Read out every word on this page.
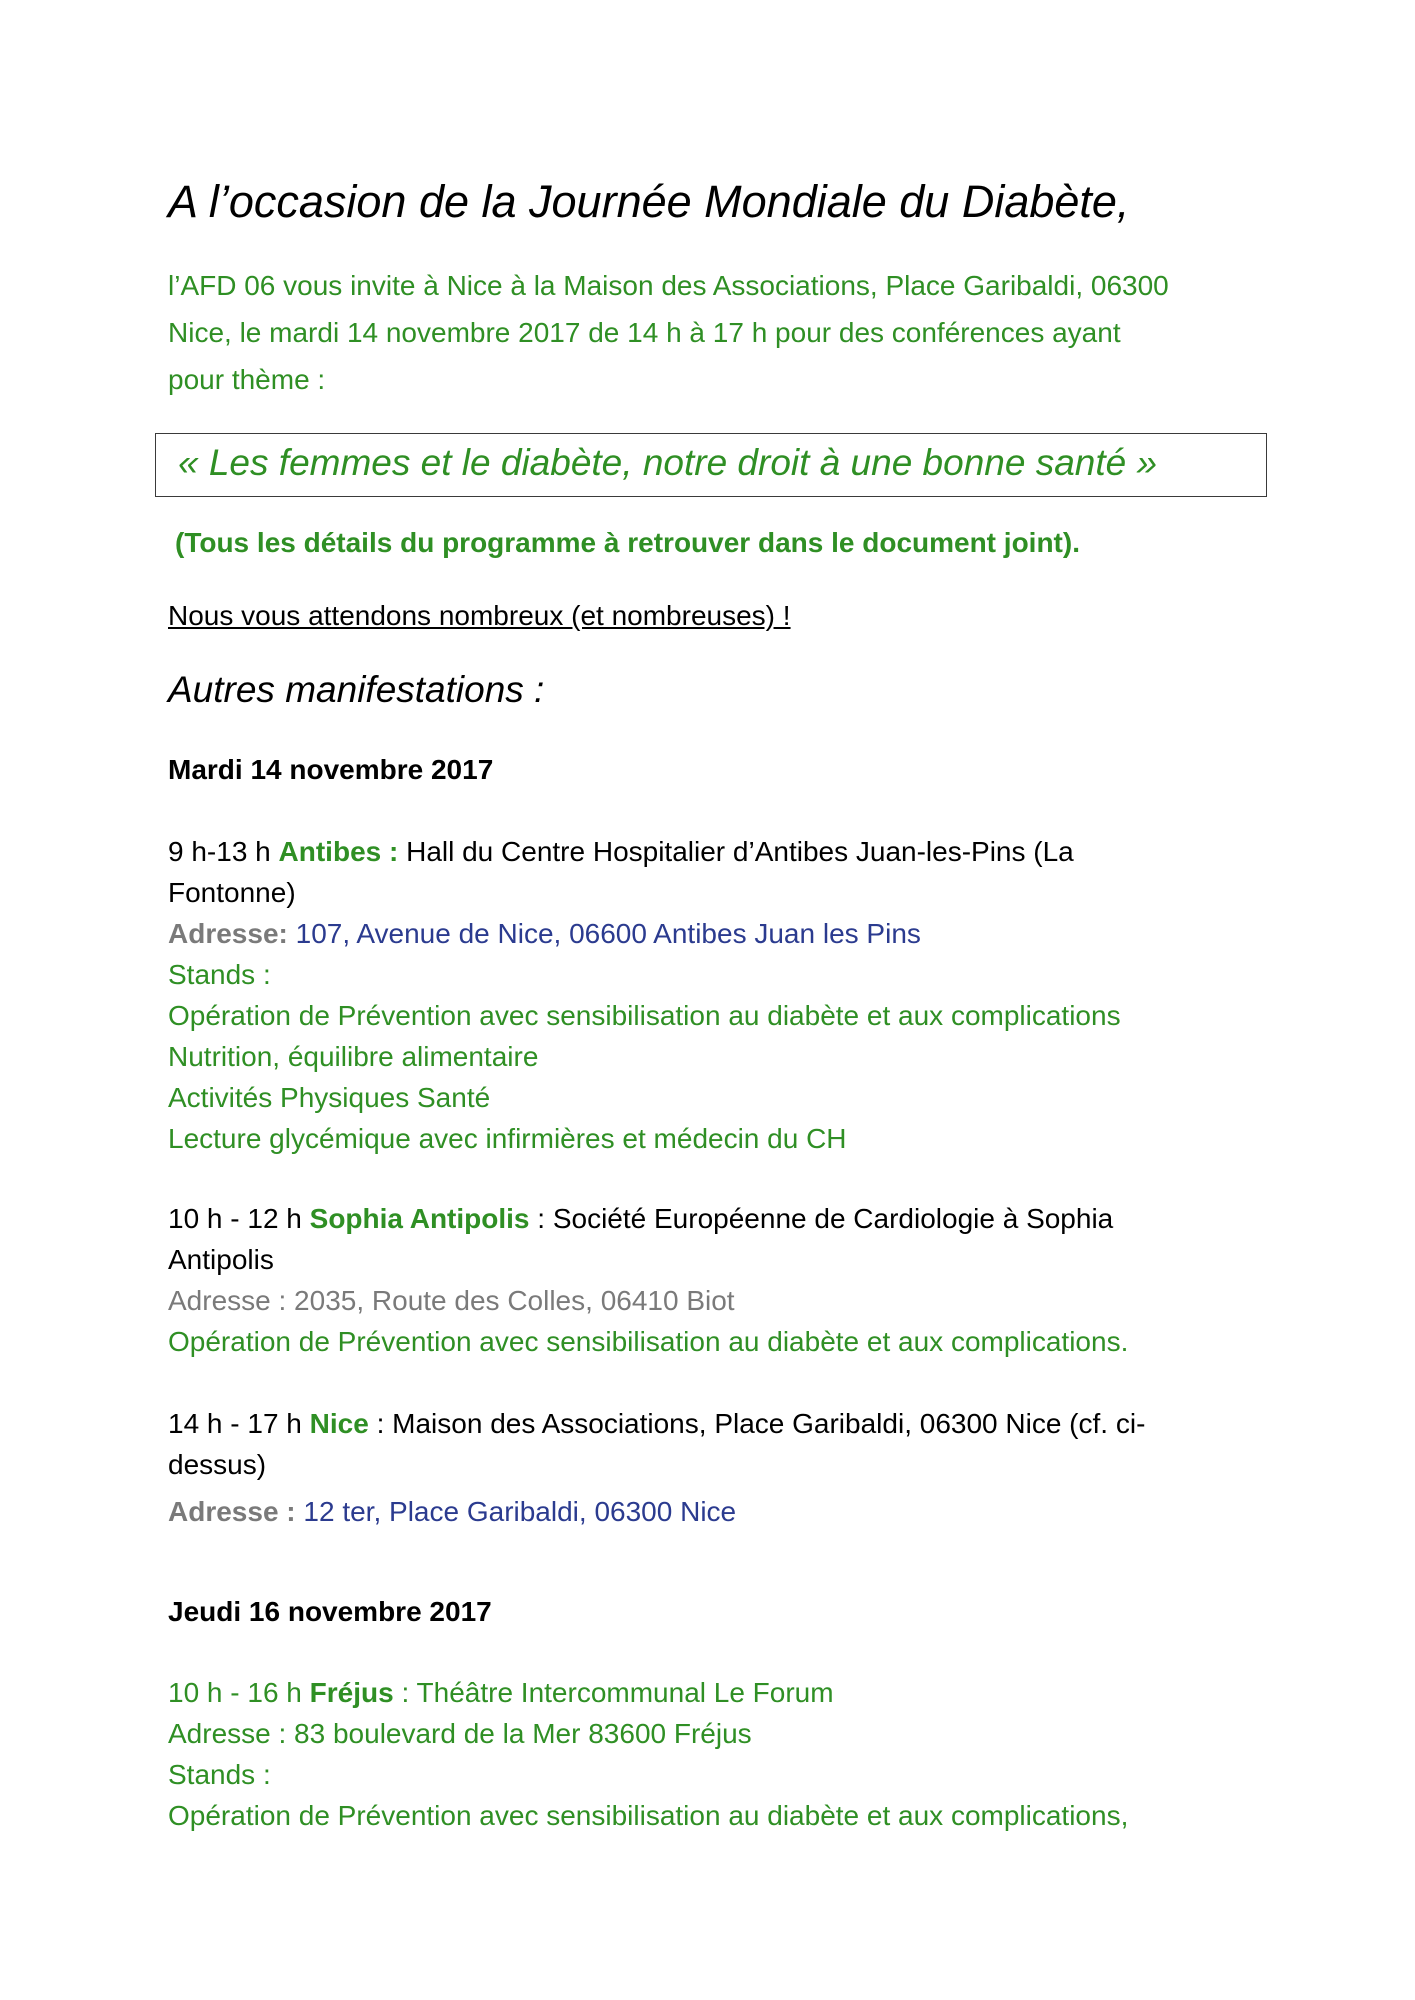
A l’occasion de la Journée Mondiale du Diabète,
l’AFD 06 vous invite à Nice à la Maison des Associations, Place Garibaldi, 06300
Nice, le mardi 14 novembre 2017 de 14 h à 17 h pour des conférences ayant
pour thème :
« Les femmes et le diabète, notre droit à une bonne santé »
(Tous les détails du programme à retrouver dans le document joint).
Nous vous attendons nombreux (et nombreuses) !
Autres manifestations :
Mardi 14 novembre 2017
9 h-13 h Antibes : Hall du Centre Hospitalier d’Antibes Juan-les-Pins (La
Fontonne)
Adresse: 107, Avenue de Nice, 06600 Antibes Juan les Pins
Stands :
Opération de Prévention avec sensibilisation au diabète et aux complications
Nutrition, équilibre alimentaire
Activités Physiques Santé
Lecture glycémique avec infirmières et médecin du CH
10 h - 12 h Sophia Antipolis : Société Européenne de Cardiologie à Sophia
Antipolis
Adresse : 2035, Route des Colles, 06410 Biot
Opération de Prévention avec sensibilisation au diabète et aux complications.
14 h - 17 h Nice : Maison des Associations, Place Garibaldi, 06300 Nice (cf. ci-
dessus)
Adresse : 12 ter, Place Garibaldi, 06300 Nice
Jeudi 16 novembre 2017
10 h - 16 h Fréjus : Théâtre Intercommunal Le Forum
Adresse : 83 boulevard de la Mer 83600 Fréjus
Stands :
Opération de Prévention avec sensibilisation au diabète et aux complications,
